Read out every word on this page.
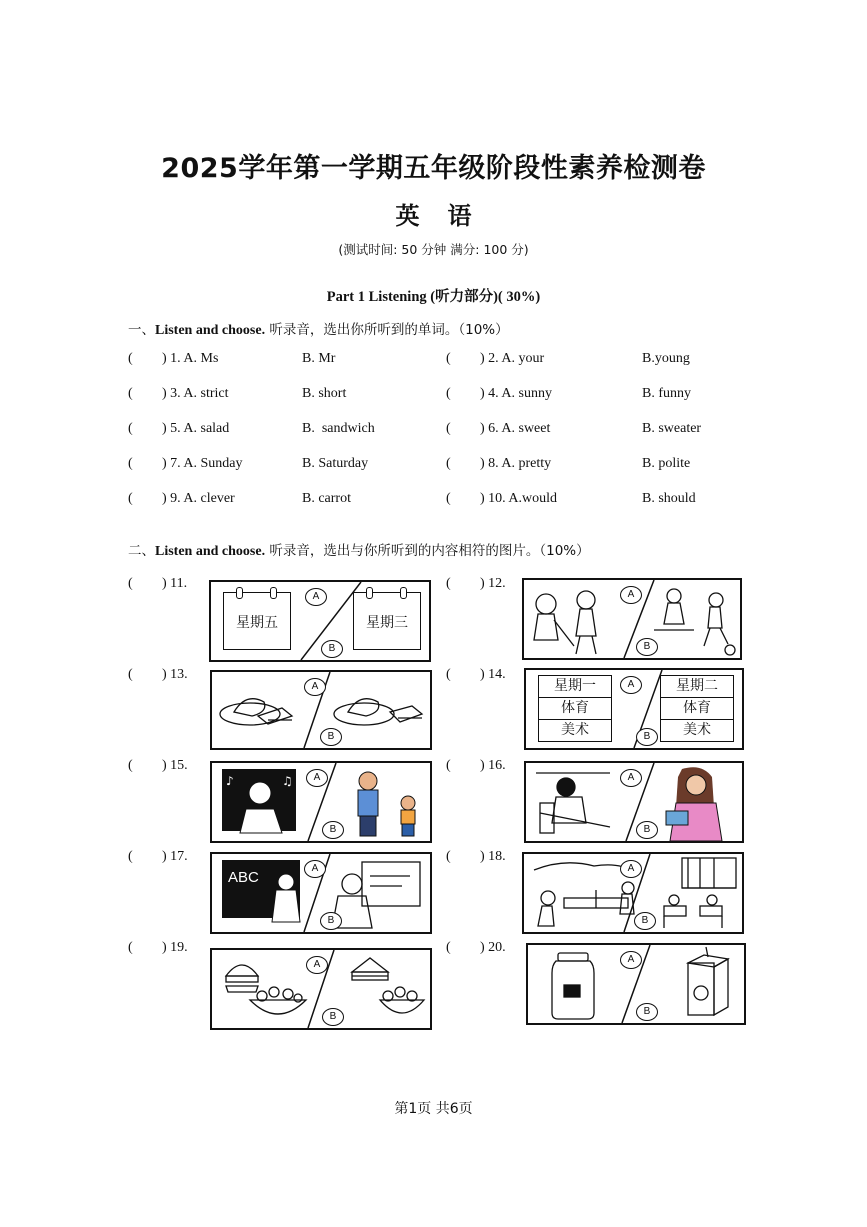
2025学年第一学期五年级阶段性素养检测卷
英 语
(测试时间: 50 分钟 满分: 100 分)
Part 1 Listening (听力部分)( 30%)
一、Listen and choose. 听录音，选出你所听到的单词。（10%）
( ) 1. A. Ms	B. Mr	( ) 2. A. your	B.young
( ) 3. A. strict	B. short	( ) 4. A. sunny	B. funny
( ) 5. A. salad	B.  sandwich	( ) 6. A. sweet	B. sweater
( ) 7. A. Sunday	B. Saturday	( ) 8. A. pretty	B. polite
( ) 9. A. clever	B. carrot	( ) 10. A.would	B. should
二、Listen and choose. 听录音，选出与你所听到的内容相符的图片。（10%）
( ) 11.	( ) 12.
( ) 13.	( ) 14.
( ) 15.	( ) 16.
( ) 17.	( ) 18.
( ) 19.	( ) 20.
星期五	星期三
A
B
A
B
A
B
星期一
体育
美术
星期二
体育
美术
A
B
♪	♫	A
B
A
B
ABC
A
B
A
B
A
B
A
B
第1页 共6页
